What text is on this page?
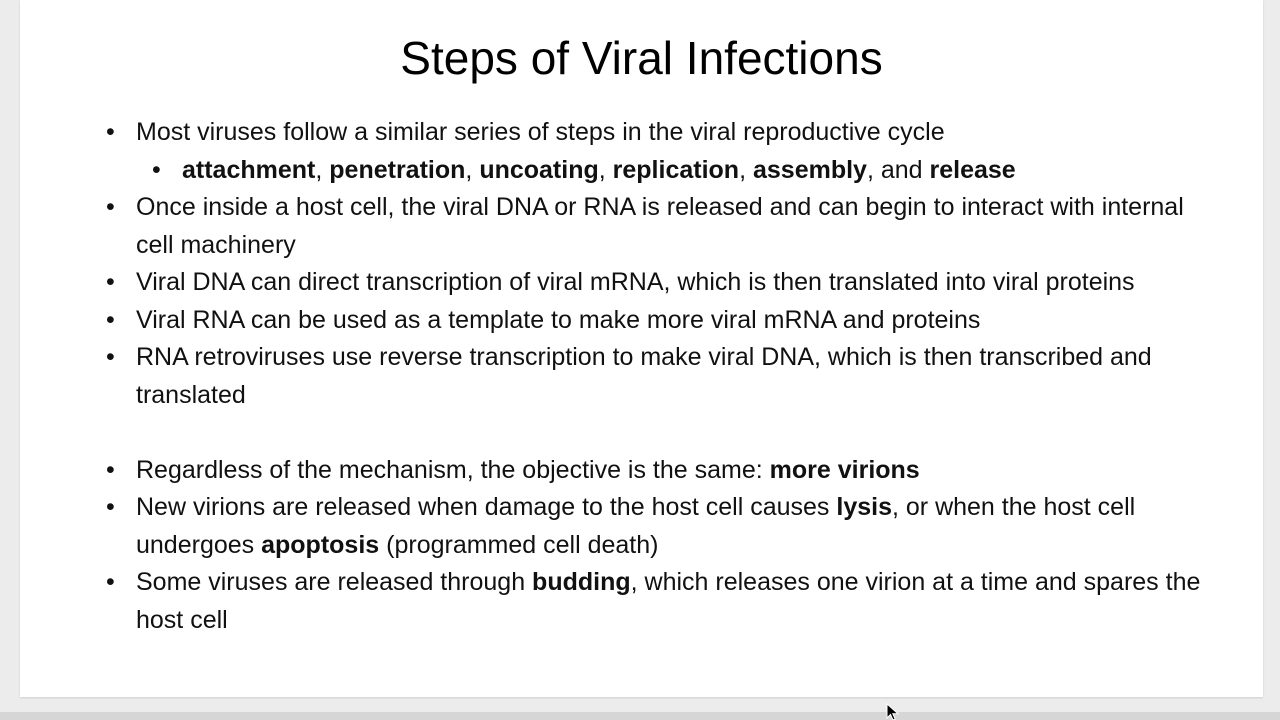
Steps of Viral Infections
• Most viruses follow a similar series of steps in the viral reproductive cycle
• attachment, penetration, uncoating, replication, assembly, and release
• Once inside a host cell, the viral DNA or RNA is released and can begin to interact with internal cell machinery
• Viral DNA can direct transcription of viral mRNA, which is then translated into viral proteins
• Viral RNA can be used as a template to make more viral mRNA and proteins
• RNA retroviruses use reverse transcription to make viral DNA, which is then transcribed and translated
• Regardless of the mechanism, the objective is the same: more virions
• New virions are released when damage to the host cell causes lysis, or when the host cell undergoes apoptosis (programmed cell death)
• Some viruses are released through budding, which releases one virion at a time and spares the host cell
